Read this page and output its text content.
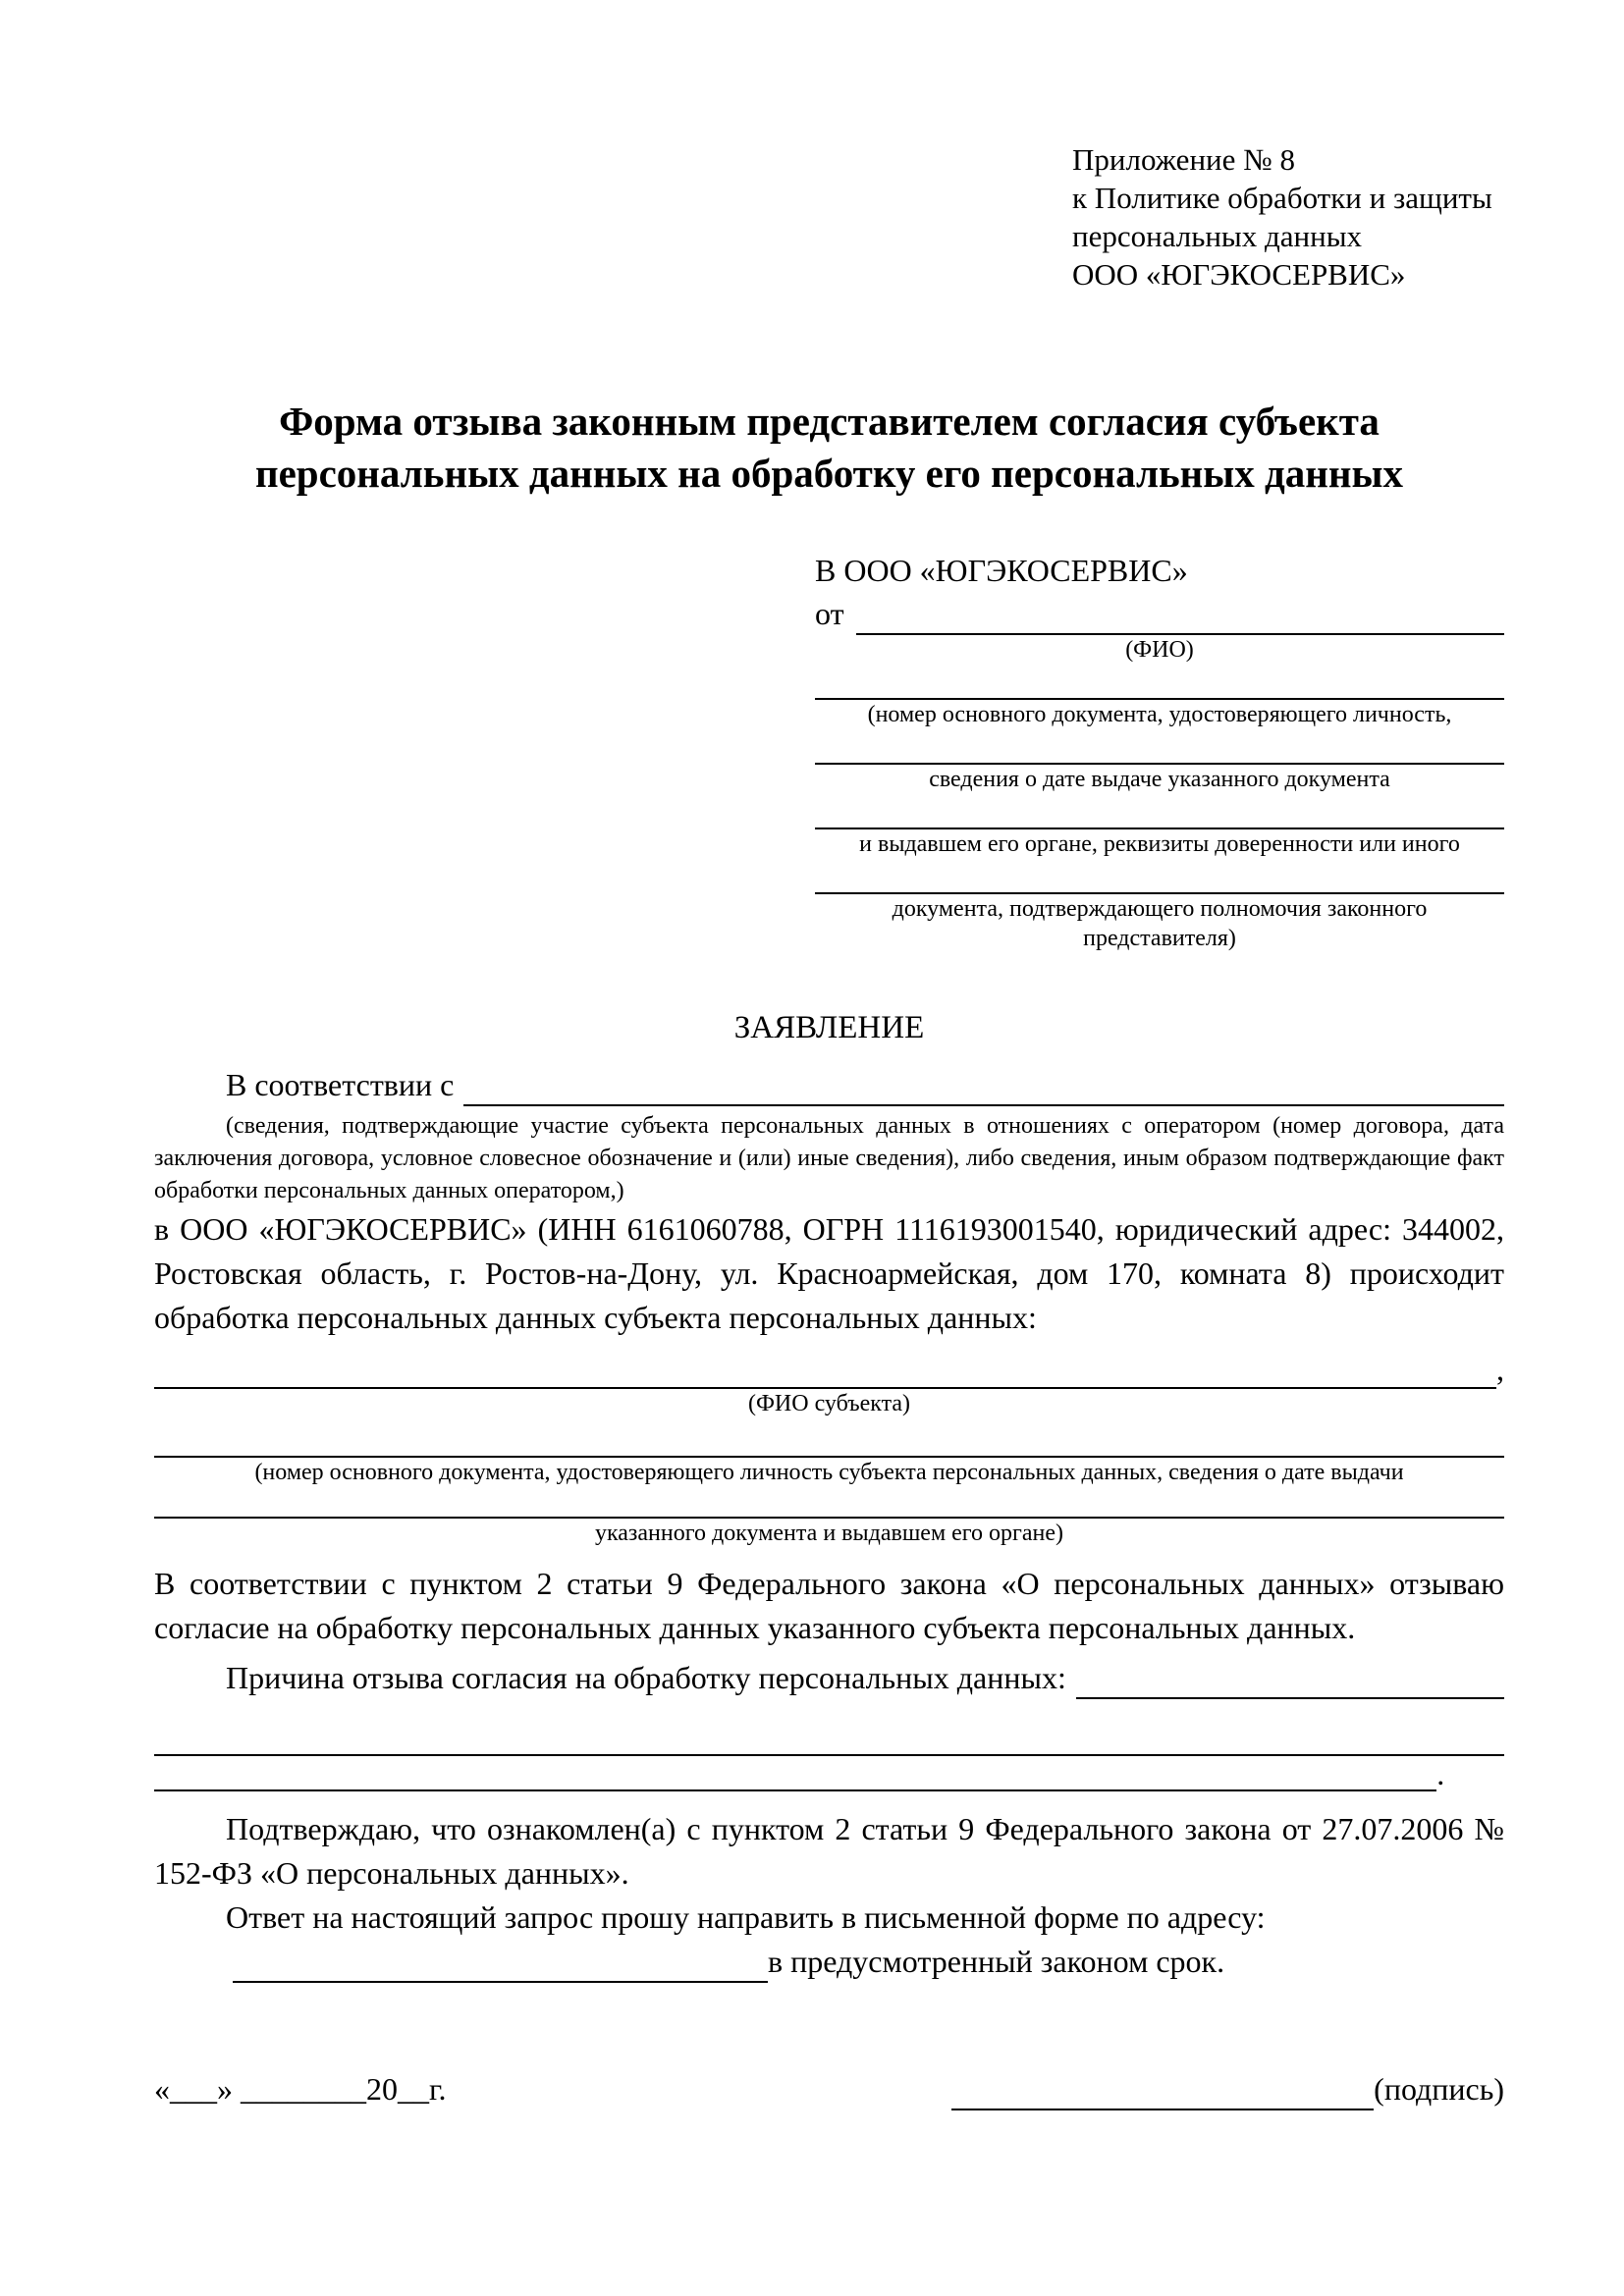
Приложение № 8
к Политике обработки и защиты
персональных данных
ООО «ЮГЭКОСЕРВИС»
Форма отзыва законным представителем согласия субъекта персональных данных на обработку его персональных данных
В ООО «ЮГЭКОСЕРВИС»
от
(ФИО)
(номер основного документа, удостоверяющего личность,
сведения о дате выдаче указанного документа
и выдавшем его органе, реквизиты доверенности или иного
документа, подтверждающего полномочия законного представителя)
ЗАЯВЛЕНИЕ
В соответствии с
(сведения, подтверждающие участие субъекта персональных данных в отношениях с оператором (номер договора, дата заключения договора, условное словесное обозначение и (или) иные сведения), либо сведения, иным образом подтверждающие факт обработки персональных данных оператором,)
в ООО «ЮГЭКОСЕРВИС» (ИНН 6161060788, ОГРН 1116193001540, юридический адрес: 344002, Ростовская область, г. Ростов-на-Дону, ул. Красноармейская, дом 170, комната 8) происходит обработка персональных данных субъекта персональных данных:
,
(ФИО субъекта)
(номер основного документа, удостоверяющего личность субъекта персональных данных, сведения о дате выдачи
указанного документа и выдавшем его органе)
В соответствии с пунктом 2 статьи 9 Федерального закона «О персональных данных» отзываю согласие на обработку персональных данных указанного субъекта персональных данных.
Причина отзыва согласия на обработку персональных данных:
.
Подтверждаю, что ознакомлен(а) с пунктом 2 статьи 9 Федерального закона от 27.07.2006 № 152-ФЗ «О персональных данных».
Ответ на настоящий запрос прошу направить в письменной форме по адресу:
в предусмотренный законом срок.
«___» ________20__г.	(подпись)
